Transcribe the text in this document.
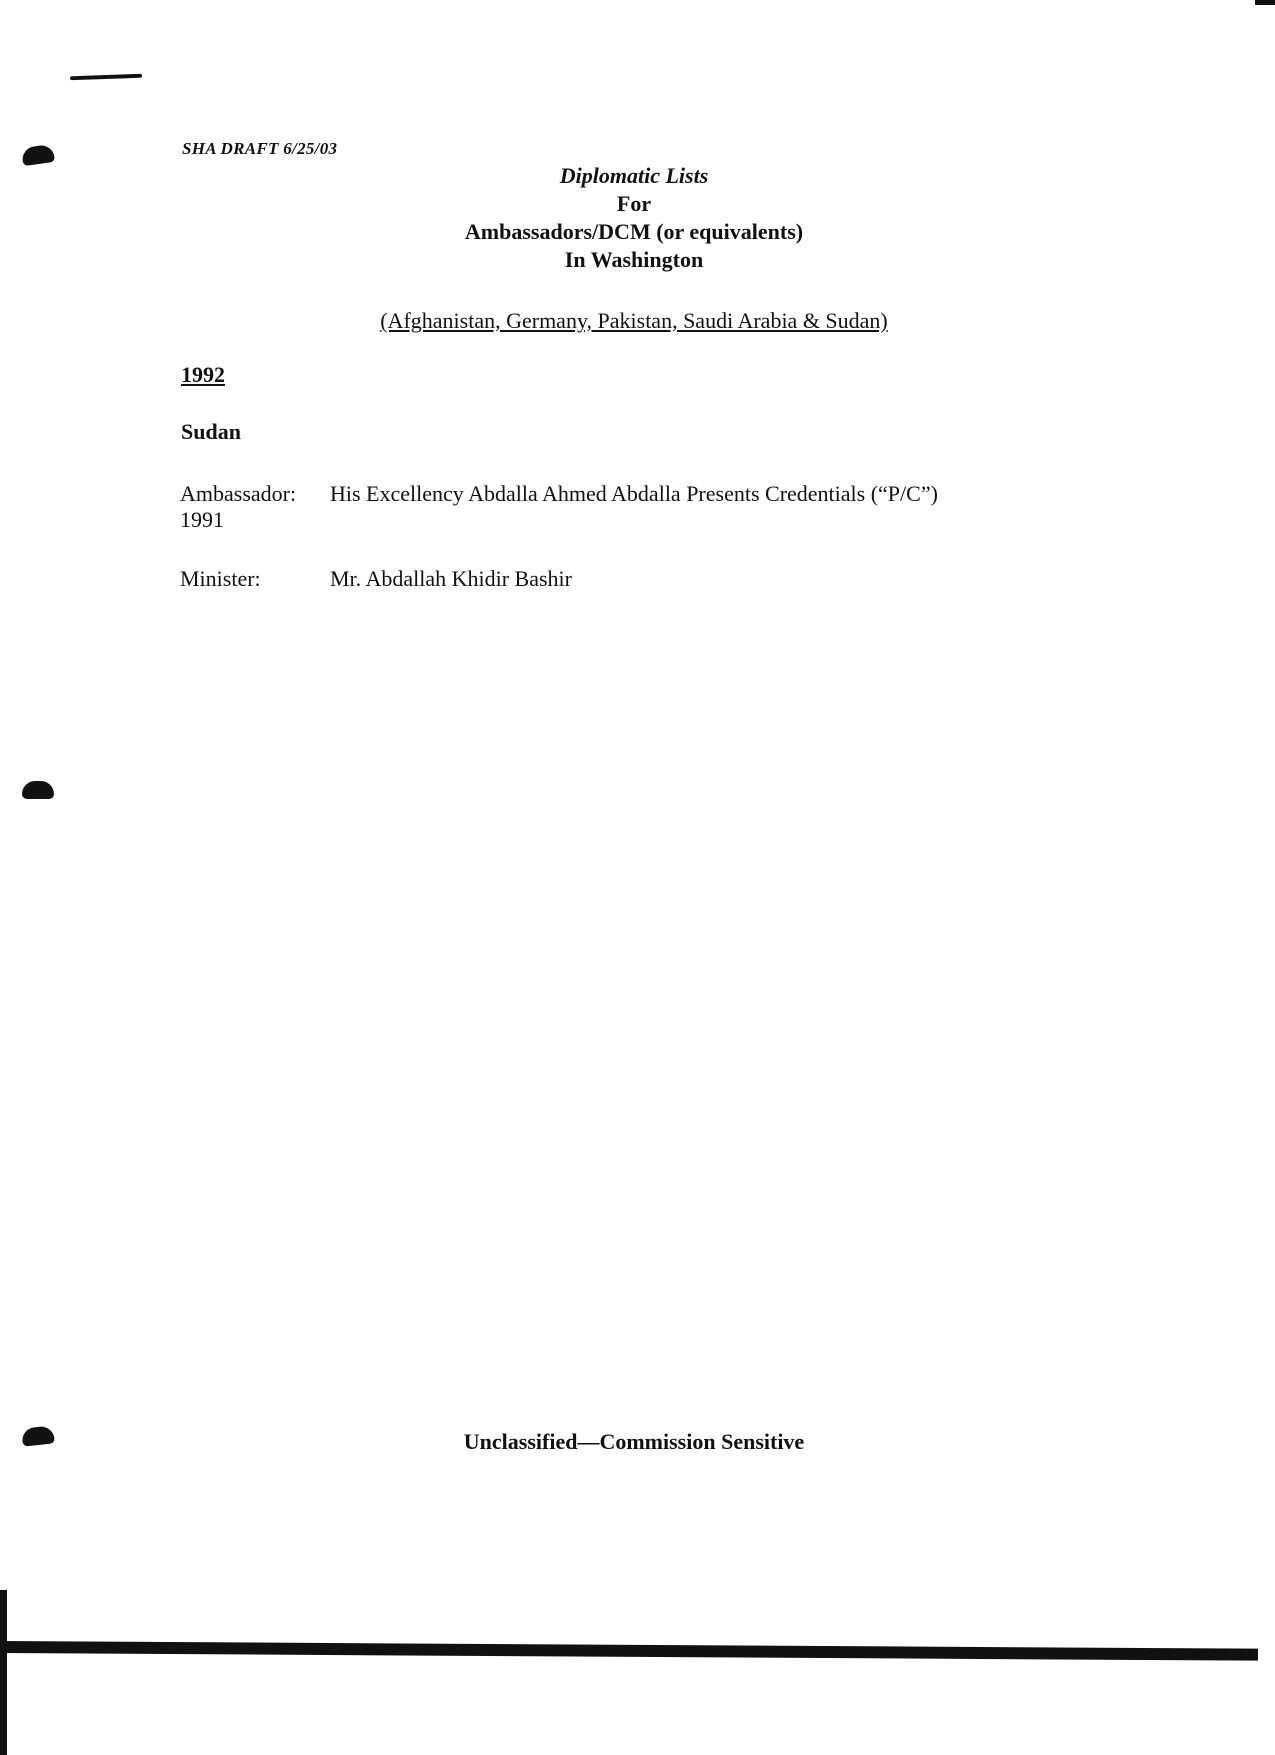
SHA DRAFT 6/25/03
Diplomatic Lists
For
Ambassadors/DCM (or equivalents)
In Washington
(Afghanistan, Germany, Pakistan, Saudi Arabia & Sudan)
1992
Sudan
Ambassador: His Excellency Abdalla Ahmed Abdalla Presents Credentials (“P/C”)
1991
Minister:	Mr. Abdallah Khidir Bashir
Unclassified—Commission Sensitive
